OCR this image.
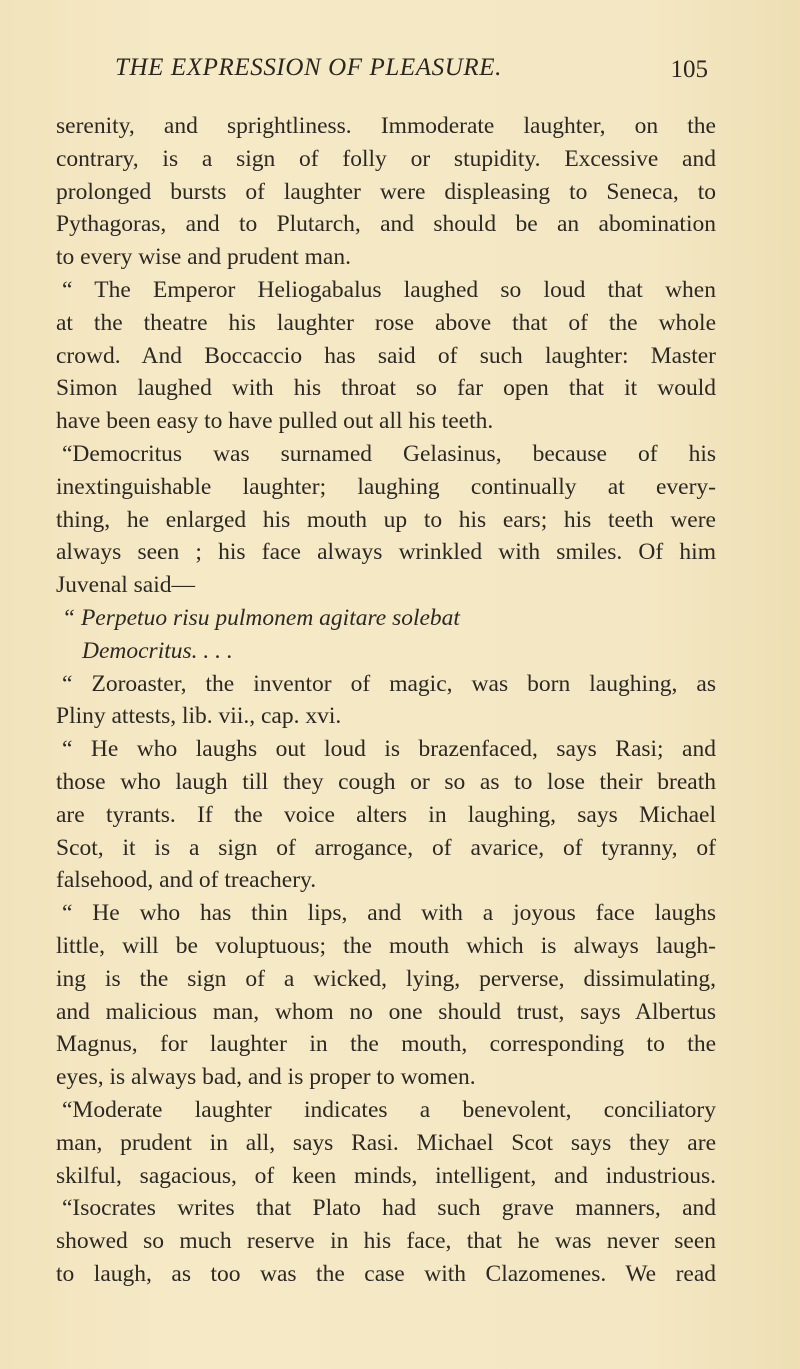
THE EXPRESSION OF PLEASURE.	105
serenity, and sprightliness. Immoderate laughter, on the
contrary, is a sign of folly or stupidity. Excessive and
prolonged bursts of laughter were displeasing to Seneca, to
Pythagoras, and to Plutarch, and should be an abomination
to every wise and prudent man.
“ The Emperor Heliogabalus laughed so loud that when
at the theatre his laughter rose above that of the whole
crowd. And Boccaccio has said of such laughter: Master
Simon laughed with his throat so far open that it would
have been easy to have pulled out all his teeth.
“Democritus was surnamed Gelasinus, because of his
inextinguishable laughter; laughing continually at every-
thing, he enlarged his mouth up to his ears; his teeth were
always seen ; his face always wrinkled with smiles. Of him
Juvenal said—
“ Perpetuo risu pulmonem agitare solebat
Democritus. . . .
“ Zoroaster, the inventor of magic, was born laughing, as
Pliny attests, lib. vii., cap. xvi.
“ He who laughs out loud is brazenfaced, says Rasi; and
those who laugh till they cough or so as to lose their breath
are tyrants. If the voice alters in laughing, says Michael
Scot, it is a sign of arrogance, of avarice, of tyranny, of
falsehood, and of treachery.
“ He who has thin lips, and with a joyous face laughs
little, will be voluptuous; the mouth which is always laugh-
ing is the sign of a wicked, lying, perverse, dissimulating,
and malicious man, whom no one should trust, says Albertus
Magnus, for laughter in the mouth, corresponding to the
eyes, is always bad, and is proper to women.
“Moderate laughter indicates a benevolent, conciliatory
man, prudent in all, says Rasi. Michael Scot says they are
skilful, sagacious, of keen minds, intelligent, and industrious.
“Isocrates writes that Plato had such grave manners, and
showed so much reserve in his face, that he was never seen
to laugh, as too was the case with Clazomenes. We read
